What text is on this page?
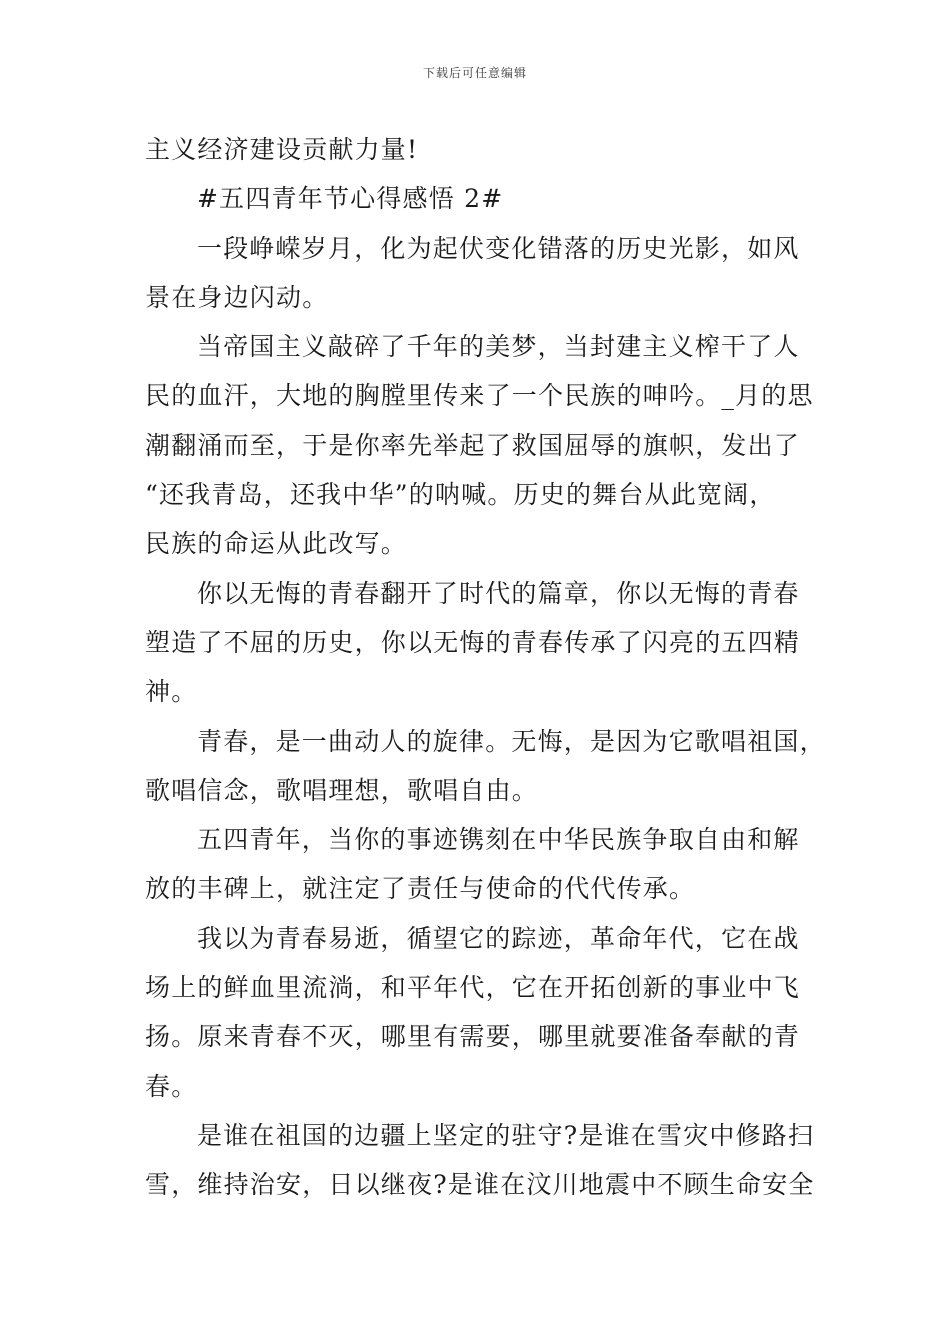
下载后可任意编辑
主义经济建设贡献力量!
#五四青年节心得感悟 2#
一段峥嵘岁月，化为起伏变化错落的历史光影，如风
景在身边闪动。
当帝国主义敲碎了千年的美梦，当封建主义榨干了人
民的血汗，大地的胸膛里传来了一个民族的呻吟。_月的思
潮翻涌而至，于是你率先举起了救国屈辱的旗帜，发出了
“还我青岛，还我中华”的呐喊。历史的舞台从此宽阔，
民族的命运从此改写。
你以无悔的青春翻开了时代的篇章，你以无悔的青春
塑造了不屈的历史，你以无悔的青春传承了闪亮的五四精
神。
青春，是一曲动人的旋律。无悔，是因为它歌唱祖国，
歌唱信念，歌唱理想，歌唱自由。
五四青年，当你的事迹镌刻在中华民族争取自由和解
放的丰碑上，就注定了责任与使命的代代传承。
我以为青春易逝，循望它的踪迹，革命年代，它在战
场上的鲜血里流淌，和平年代，它在开拓创新的事业中飞
扬。原来青春不灭，哪里有需要，哪里就要准备奉献的青
春。
是谁在祖国的边疆上坚定的驻守?是谁在雪灾中修路扫
雪，维持治安，日以继夜?是谁在汶川地震中不顾生命安全
